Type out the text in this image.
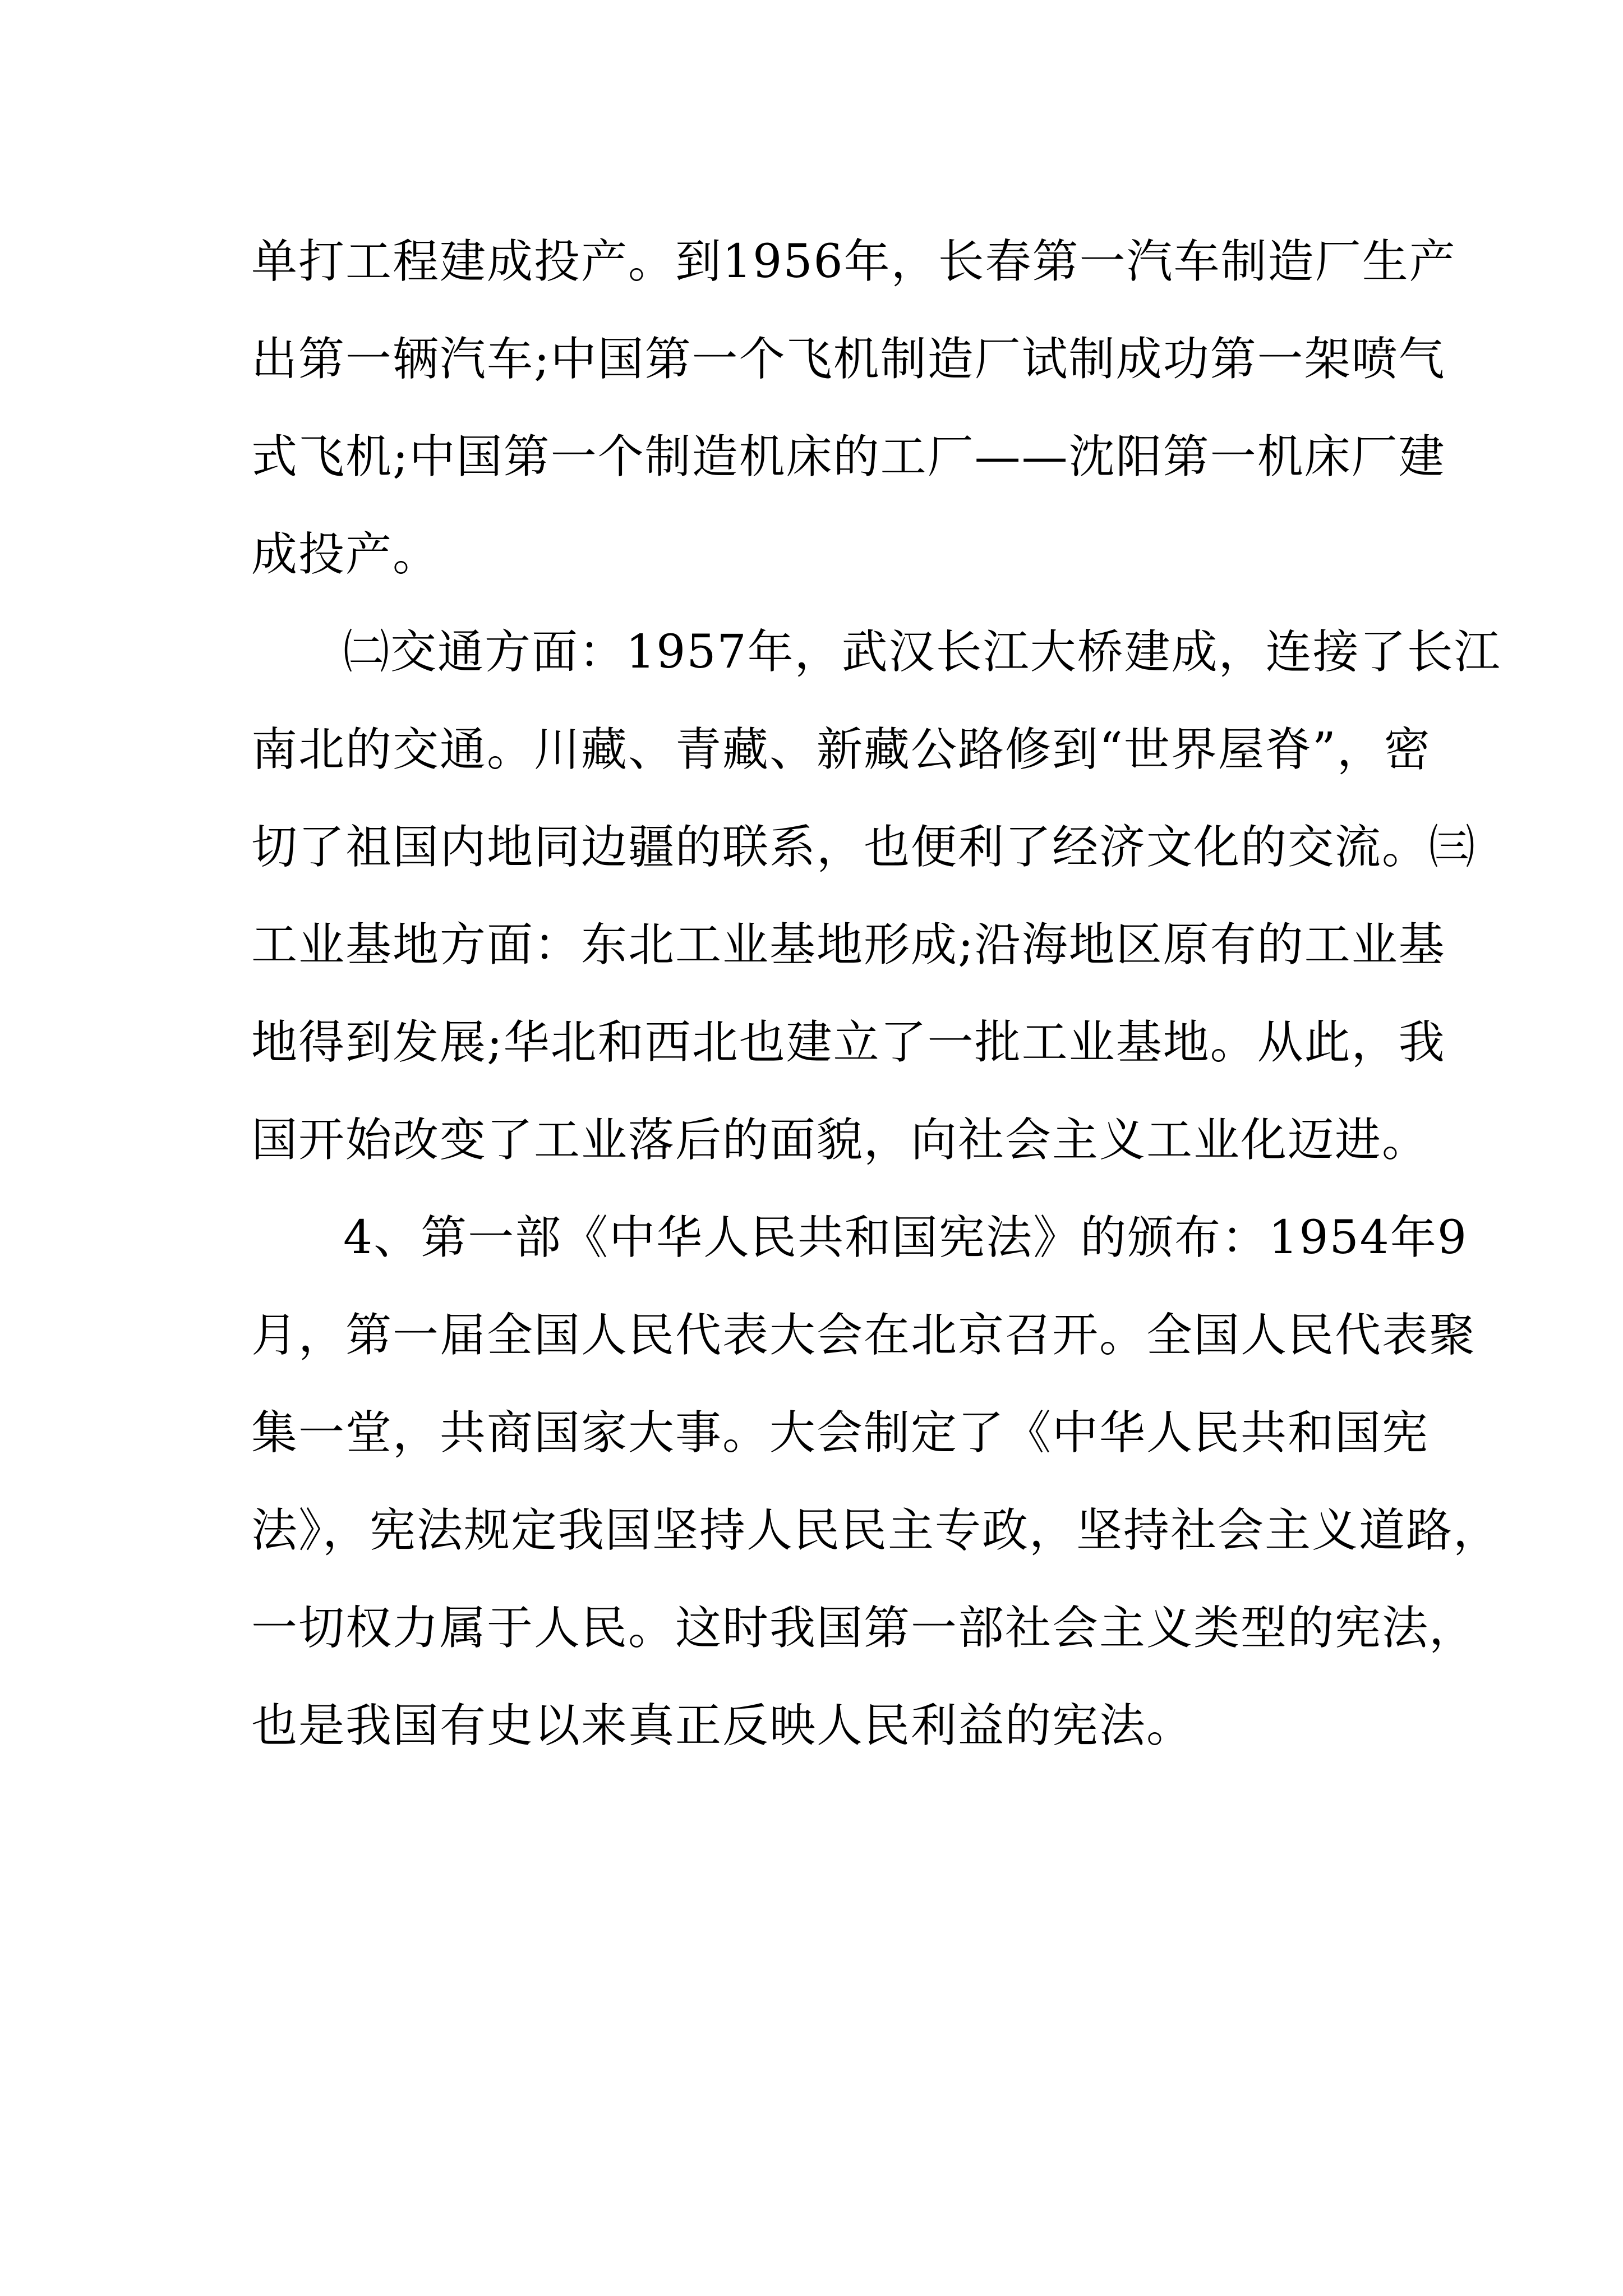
单打工程建成投产。到1956年，长春第一汽车制造厂生产
出第一辆汽车;中国第一个飞机制造厂试制成功第一架喷气
式飞机;中国第一个制造机床的工厂——沈阳第一机床厂建
成投产。
㈡交通方面：1957年，武汉长江大桥建成，连接了长江
南北的交通。川藏、青藏、新藏公路修到“世界屋脊”，密
切了祖国内地同边疆的联系，也便利了经济文化的交流。㈢
工业基地方面：东北工业基地形成;沿海地区原有的工业基
地得到发展;华北和西北也建立了一批工业基地。从此，我
国开始改变了工业落后的面貌，向社会主义工业化迈进。
4、第一部《中华人民共和国宪法》的颁布：1954年9
月，第一届全国人民代表大会在北京召开。全国人民代表聚
集一堂，共商国家大事。大会制定了《中华人民共和国宪
法》，宪法规定我国坚持人民民主专政，坚持社会主义道路，
一切权力属于人民。这时我国第一部社会主义类型的宪法，
也是我国有史以来真正反映人民利益的宪法。
